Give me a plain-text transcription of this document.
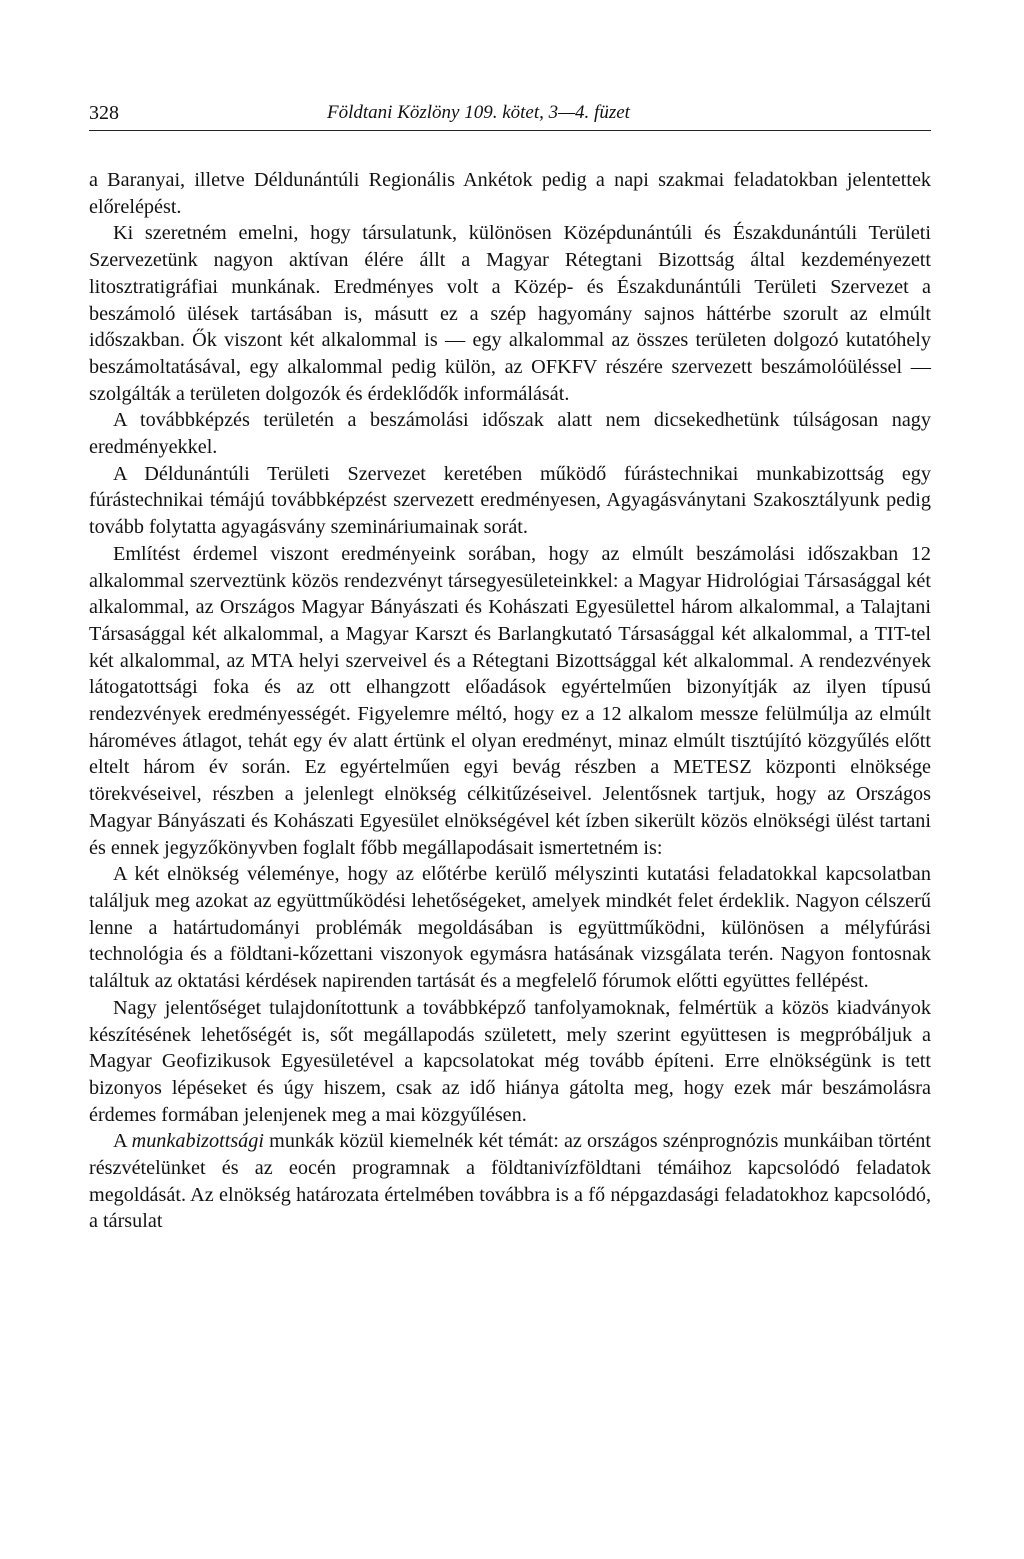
328	Földtani Közlöny 109. kötet, 3—4. füzet

a Baranyai, illetve Déldunántúli Regionális Ankétok pedig a napi szakmai feladatokban jelentettek előrelépést.

Ki szeretném emelni, hogy társulatunk, különösen Középdunántúli és Északdunántúli Területi Szervezetünk nagyon aktívan élére állt a Magyar Rétegtani Bizottság által kezdeményezett litosztratigráfiai munkának. Eredményes volt a Közép- és Északdunántúli Területi Szervezet a beszámoló ülések tartásában is, másutt ez a szép hagyomány sajnos háttérbe szorult az elmúlt időszakban. Ők viszont két alkalommal is — egy alkalommal az összes területen dolgozó kutatóhely beszámoltatásával, egy alkalommal pedig külön, az OFKFV részére szervezett beszámolóüléssel — szolgálták a területen dolgozók és érdeklődők informálását.

A továbbképzés területén a beszámolási időszak alatt nem dicsekedhetünk túlságosan nagy eredményekkel.

A Déldunántúli Területi Szervezet keretében működő fúrástechnikai munkabizottság egy fúrástechnikai témájú továbbképzést szervezett eredményesen, Agyagásványtani Szakosztályunk pedig tovább folytatta agyagásvány szemináriumainak sorát.

Említést érdemel viszont eredményeink sorában, hogy az elmúlt beszámolási időszakban 12 alkalommal szerveztünk közös rendezvényt társegyesületeinkkel: a Magyar Hidrológiai Társasággal két alkalommal, az Országos Magyar Bányászati és Kohászati Egyesülettel három alkalommal, a Talajtani Társasággal két alkalommal, a Magyar Karszt és Barlangkutató Társasággal két alkalommal, a TIT-tel két alkalommal, az MTA helyi szerveivel és a Rétegtani Bizottsággal két alkalommal. A rendezvények látogatottsági foka és az ott elhangzott előadások egyértelműen bizonyítják az ilyen típusú rendezvények eredményességét. Figyelemre méltó, hogy ez a 12 alkalom messze felülmúlja az elmúlt hároméves átlagot, tehát egy év alatt értünk el olyan eredményt, minaz elmúlt tisztújító közgyűlés előtt eltelt három év során. Ez egyértelműen egyi bevág részben a METESZ központi elnöksége törekvéseivel, részben a jelenlegt elnökség célkitűzéseivel. Jelentősnek tartjuk, hogy az Országos Magyar Bányászati és Kohászati Egyesület elnökségével két ízben sikerült közös elnökségi ülést tartani és ennek jegyzőkönyvben foglalt főbb megállapodásait ismertetném is:

A két elnökség véleménye, hogy az előtérbe kerülő mélyszinti kutatási feladatokkal kapcsolatban találjuk meg azokat az együttműködési lehetőségeket, amelyek mindkét felet érdeklik. Nagyon célszerű lenne a határtudományi problémák megoldásában is együttműködni, különösen a mélyfúrási technológia és a földtani-kőzettani viszonyok egymásra hatásának vizsgálata terén. Nagyon fontosnak találtuk az oktatási kérdések napirenden tartását és a megfelelő fórumok előtti együttes fellépést.

Nagy jelentőséget tulajdonítottunk a továbbképző tanfolyamoknak, felmértük a közös kiadványok készítésének lehetőségét is, sőt megállapodás született, mely szerint együttesen is megpróbáljuk a Magyar Geofizikusok Egyesületével a kapcsolatokat még tovább építeni. Erre elnökségünk is tett bizonyos lépéseket és úgy hiszem, csak az idő hiánya gátolta meg, hogy ezek már beszámolásra érdemes formában jelenjenek meg a mai közgyűlésen.

A munkabizottsági munkák közül kiemelnék két témát: az országos szénprognózis munkáiban történt részvételünket és az eocén programnak a földtanivízföldtani témáihoz kapcsolódó feladatok megoldását. Az elnökség határozata értelmében továbbra is a fő népgazdasági feladatokhoz kapcsolódó, a társulat
